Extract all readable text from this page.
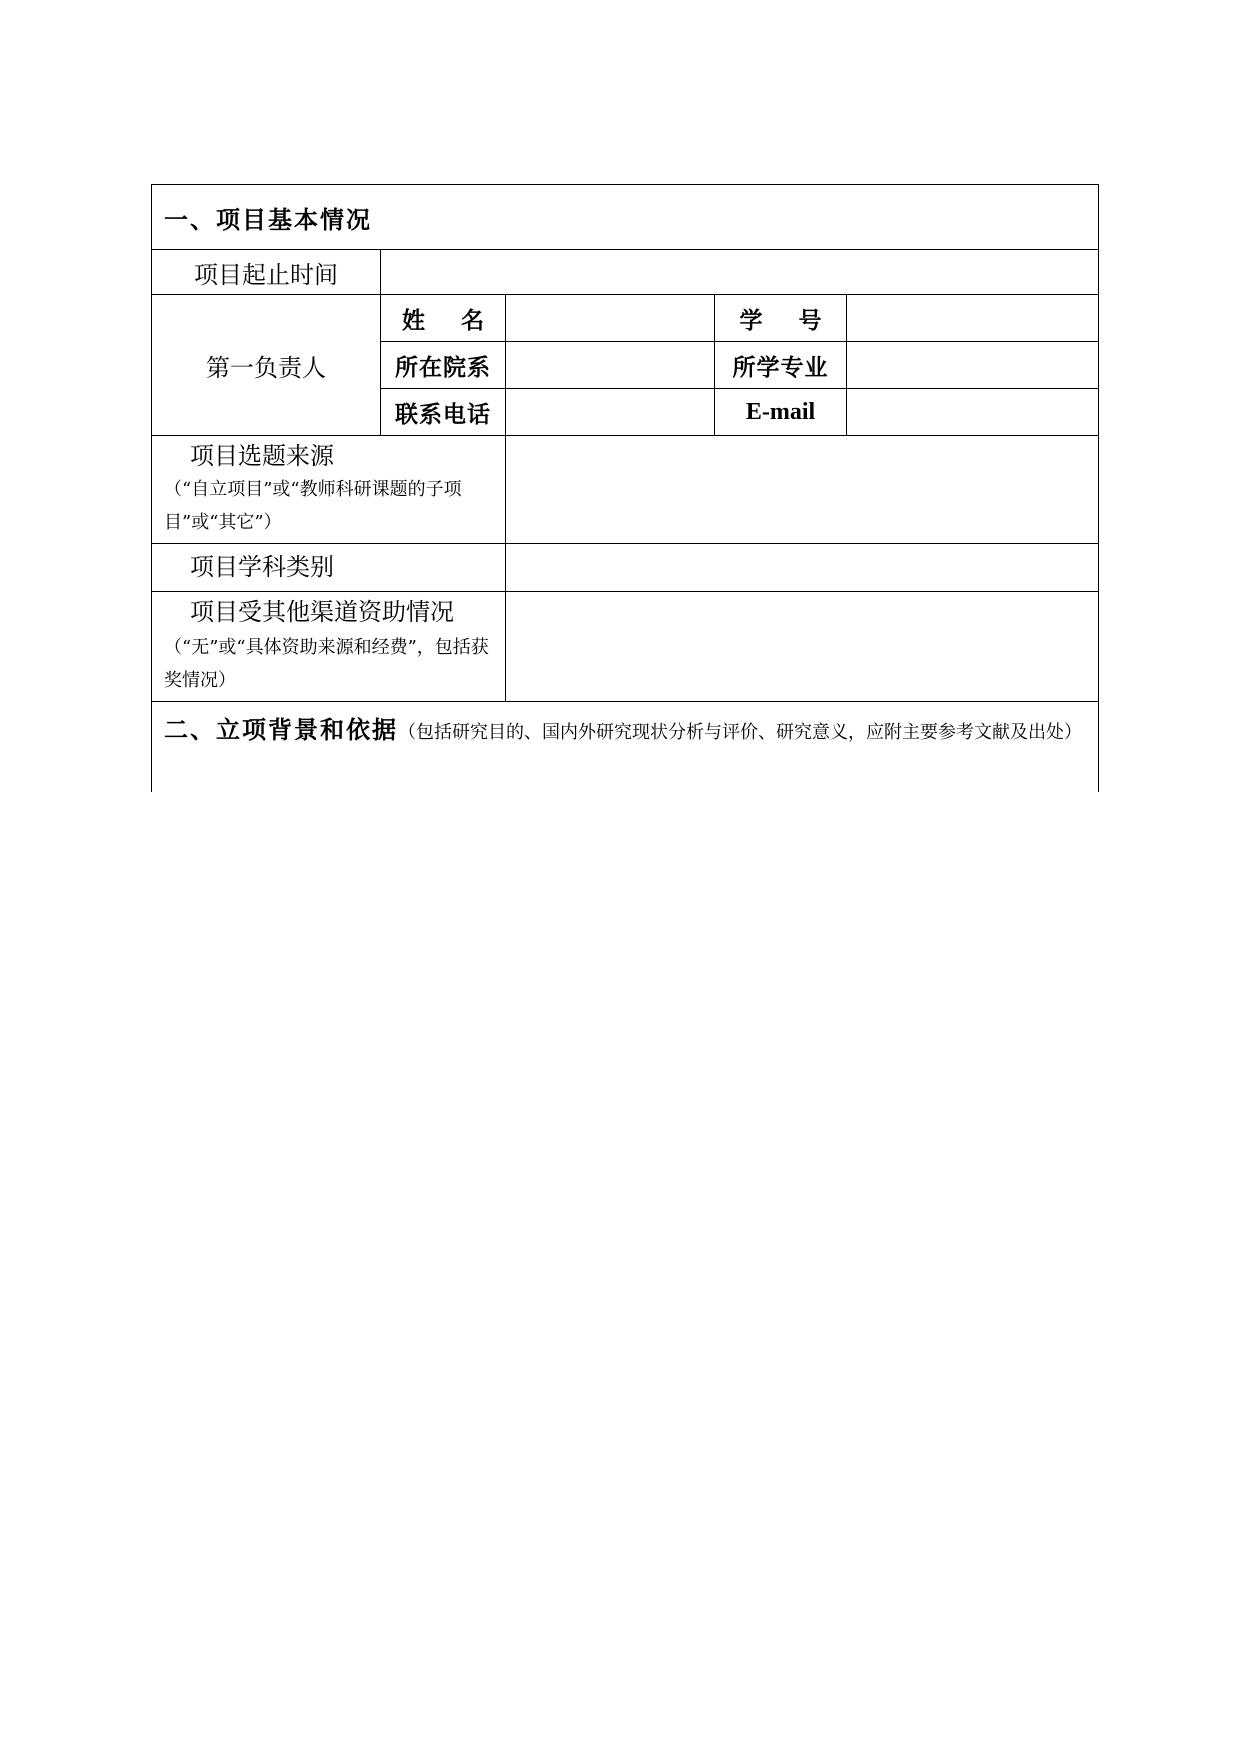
一、项目基本情况				
项目起止时间				
第一负责人	姓 名		学 号	
	所在院系		所学专业	
	联系电话		E-mail	

项目选题来源
（“自立项目”或“教师科研课题的子项目”或“其它”）				

项目学科类别				

项目受其他渠道资助情况（“无”或“具体资助来源和经费”，包括获奖情况）				
二、立项背景和依据（包括研究目的、国内外研究现状分析与评价、研究意义，应附主要参考文献及出处）				
